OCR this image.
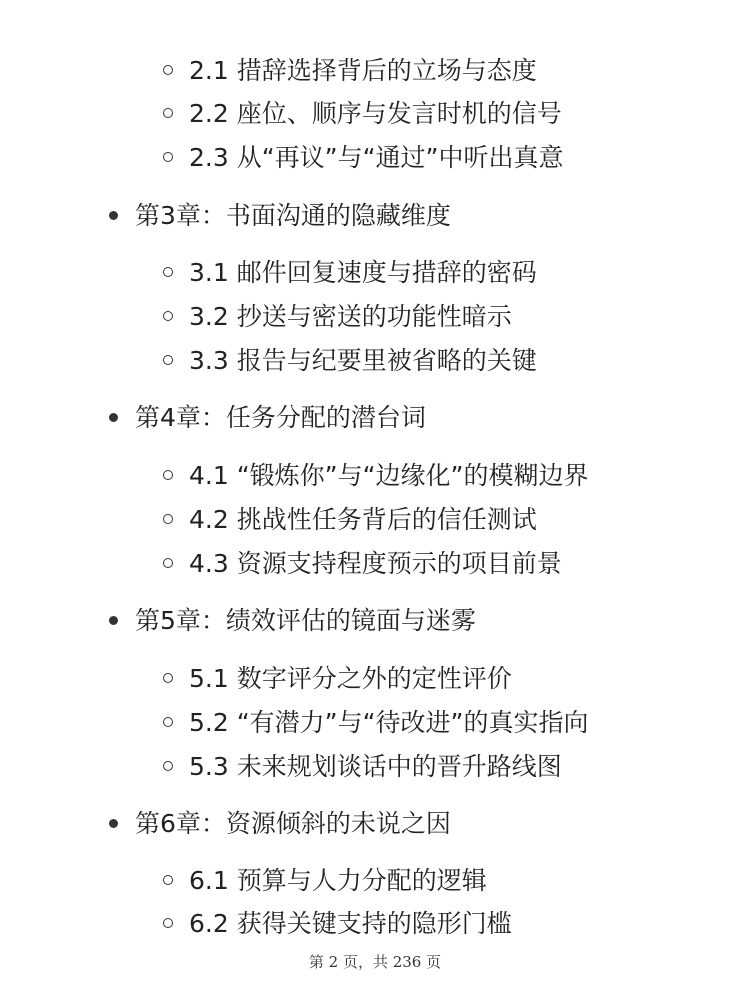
2.1 措辞选择背后的立场与态度
2.2 座位、顺序与发言时机的信号
2.3 从“再议”与“通过”中听出真意
第3章：书面沟通的隐藏维度
3.1 邮件回复速度与措辞的密码
3.2 抄送与密送的功能性暗示
3.3 报告与纪要里被省略的关键
第4章：任务分配的潜台词
4.1 “锻炼你”与“边缘化”的模糊边界
4.2 挑战性任务背后的信任测试
4.3 资源支持程度预示的项目前景
第5章：绩效评估的镜面与迷雾
5.1 数字评分之外的定性评价
5.2 “有潜力”与“待改进”的真实指向
5.3 未来规划谈话中的晋升路线图
第6章：资源倾斜的未说之因
6.1 预算与人力分配的逻辑
6.2 获得关键支持的隐形门槛
第 2 页，共 236 页
